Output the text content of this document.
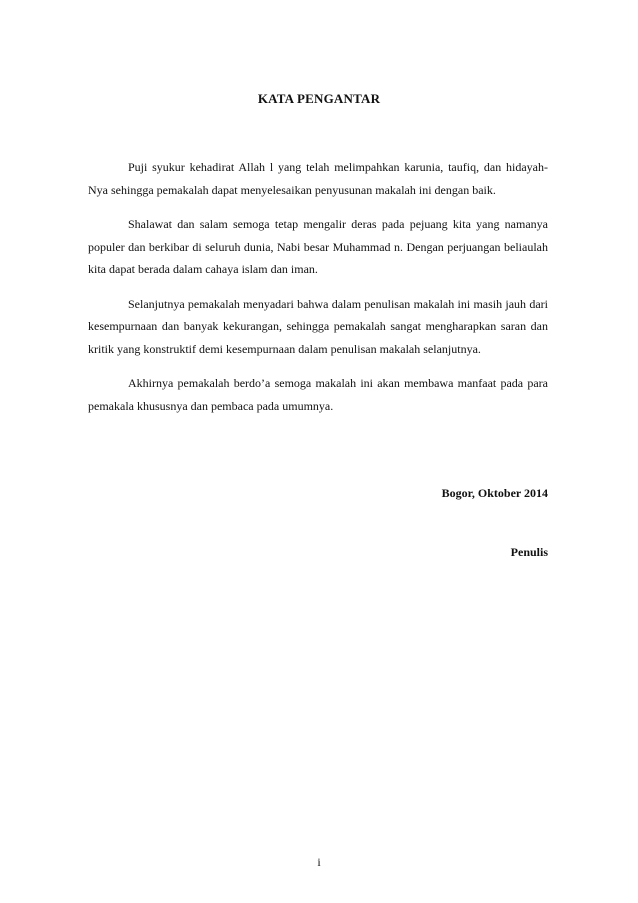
KATA PENGANTAR

Puji syukur kehadirat Allah l yang telah melimpahkan karunia, taufiq, dan hidayah-Nya sehingga pemakalah dapat menyelesaikan penyusunan makalah ini dengan baik.

Shalawat dan salam semoga tetap mengalir deras pada pejuang kita yang namanya populer dan berkibar di seluruh dunia, Nabi besar Muhammad n. Dengan perjuangan beliaulah kita dapat berada dalam cahaya islam dan iman.

Selanjutnya pemakalah menyadari bahwa dalam penulisan makalah ini masih jauh dari kesempurnaan dan banyak kekurangan, sehingga pemakalah sangat mengharapkan saran dan kritik yang konstruktif demi kesempurnaan dalam penulisan makalah selanjutnya.

Akhirnya pemakalah berdo’a semoga makalah ini akan membawa manfaat pada para pemakala khususnya dan pembaca pada umumnya.

Bogor, Oktober 2014
Penulis
i
